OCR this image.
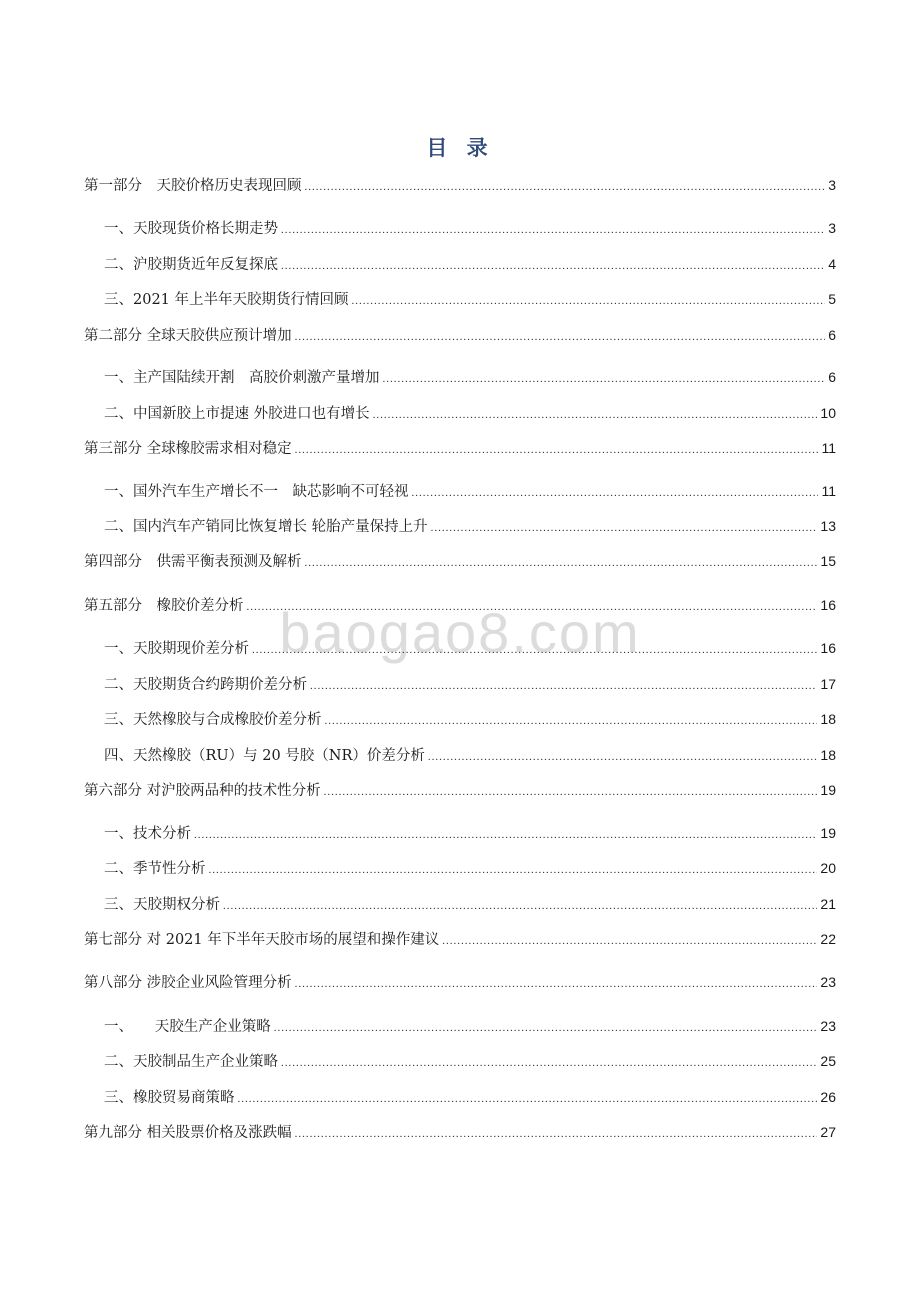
目 录
baogao8.com
第一部分　天胶价格历史表现回顾 .....	3
一、天胶现货价格长期走势 .....	3
二、沪胶期货近年反复探底 .....	4
三、2021 年上半年天胶期货行情回顾 .....	5
第二部分 全球天胶供应预计增加 .....	6
一、主产国陆续开割　高胶价刺激产量增加 .....	6
二、中国新胶上市提速 外胶进口也有增长 .....	10
第三部分 全球橡胶需求相对稳定 .....	11
一、国外汽车生产增长不一　缺芯影响不可轻视 .....	11
二、国内汽车产销同比恢复增长 轮胎产量保持上升 .....	13
第四部分　供需平衡表预测及解析 .....	15
第五部分　橡胶价差分析 .....	16
一、天胶期现价差分析 .....	16
二、天胶期货合约跨期价差分析 .....	17
三、天然橡胶与合成橡胶价差分析 .....	18
四、天然橡胶（RU）与 20 号胶（NR）价差分析 .....	18
第六部分 对沪胶两品种的技术性分析 .....	19
一、技术分析 .....	19
二、季节性分析 .....	20
三、天胶期权分析 .....	21
第七部分 对 2021 年下半年天胶市场的展望和操作建议 .....	22
第八部分 涉胶企业风险管理分析 .....	23
一、　　天胶生产企业策略 .....	23
二、天胶制品生产企业策略 .....	25
三、橡胶贸易商策略 .....	26
第九部分 相关股票价格及涨跌幅 .....	27
